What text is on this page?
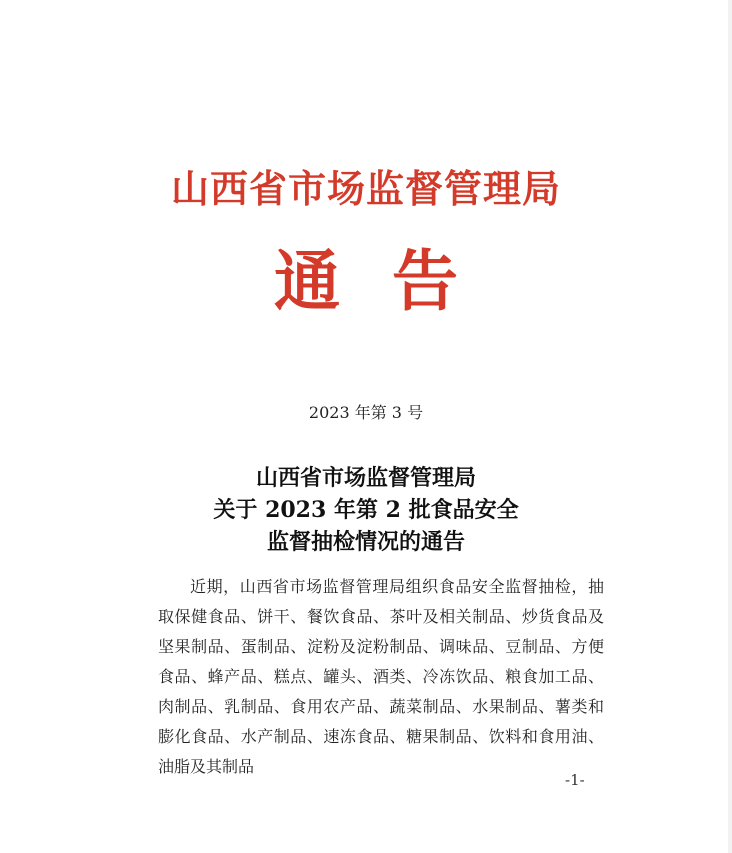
山西省市场监督管理局
通告
2023 年第 3 号
山西省市场监督管理局
关于 2023 年第 2 批食品安全
监督抽检情况的通告
近期，山西省市场监督管理局组织食品安全监督抽检，抽取保健食品、饼干、餐饮食品、茶叶及相关制品、炒货食品及坚果制品、蛋制品、淀粉及淀粉制品、调味品、豆制品、方便食品、蜂产品、糕点、罐头、酒类、冷冻饮品、粮食加工品、肉制品、乳制品、食用农产品、蔬菜制品、水果制品、薯类和膨化食品、水产制品、速冻食品、糖果制品、饮料和食用油、油脂及其制品
-1-
